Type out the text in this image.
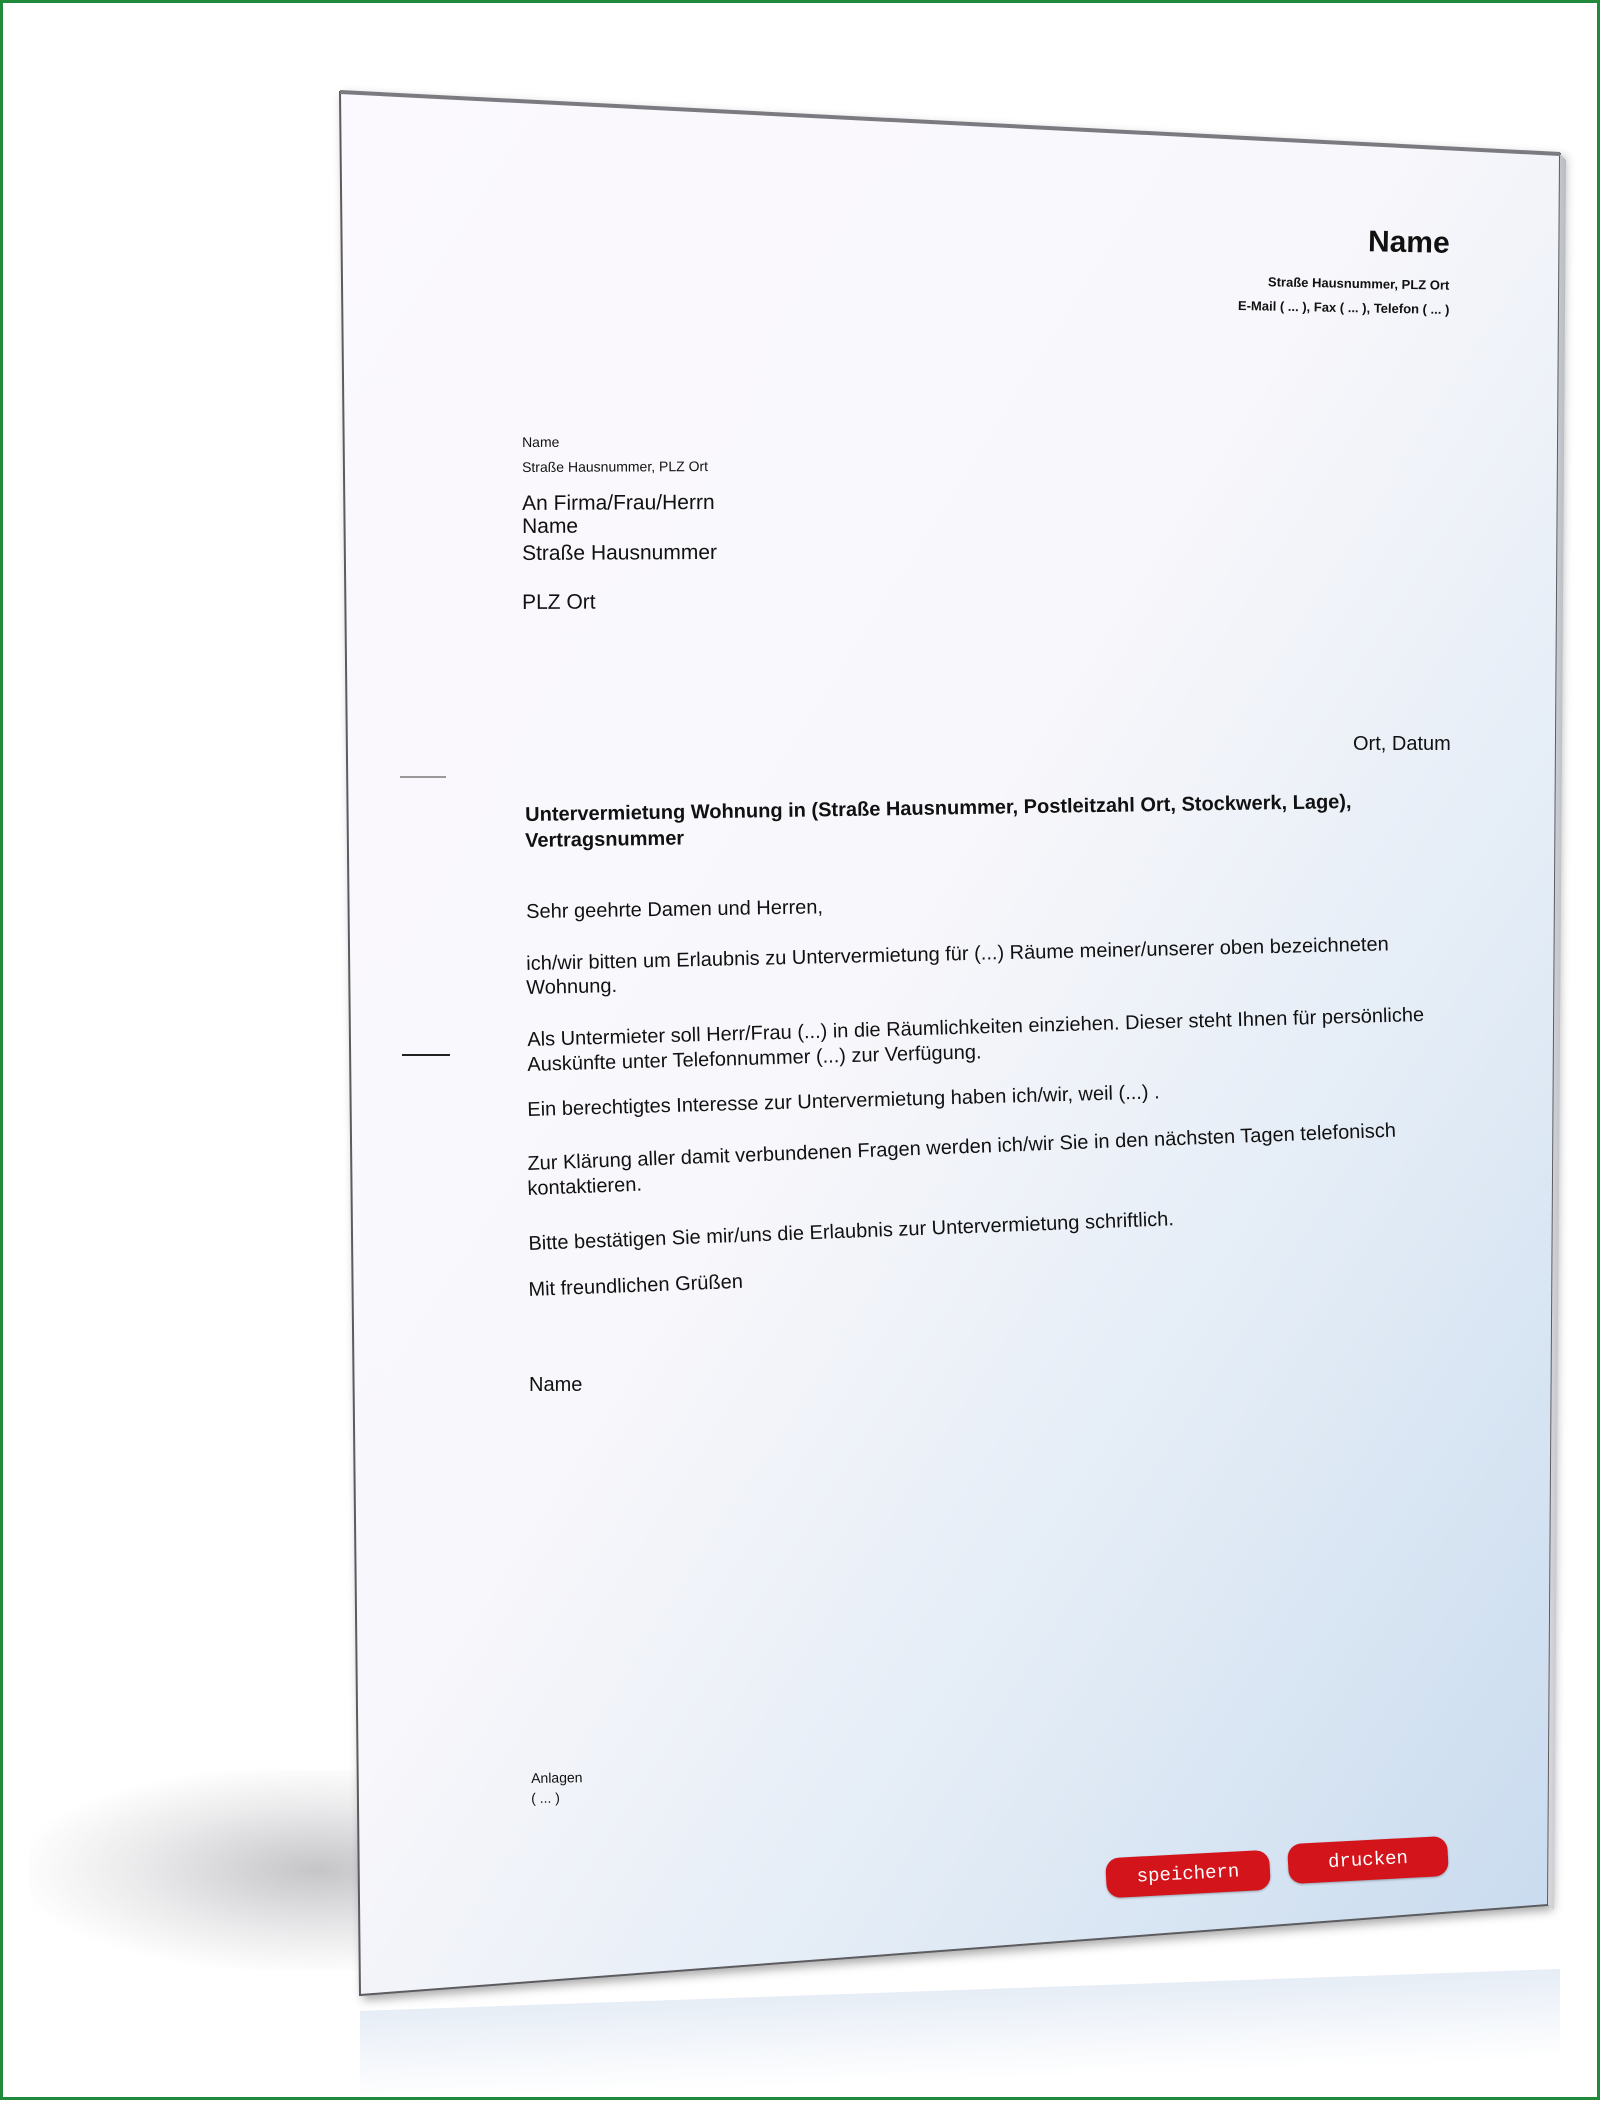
Name
Straße Hausnummer, PLZ Ort
E-Mail ( ... ), Fax ( ... ), Telefon ( ... )
Name
Straße Hausnummer, PLZ Ort
An Firma/Frau/Herrn
Name
Straße Hausnummer
PLZ Ort
Ort, Datum
Untervermietung Wohnung in (Straße Hausnummer, Postleitzahl Ort, Stockwerk, Lage),
Vertragsnummer
Sehr geehrte Damen und Herren,
ich/wir bitten um Erlaubnis zu Untervermietung für (...) Räume meiner/unserer oben bezeichneten
Wohnung.
Als Untermieter soll Herr/Frau (...) in die Räumlichkeiten einziehen. Dieser steht Ihnen für persönliche
Auskünfte unter Telefonnummer (...) zur Verfügung.
Ein berechtigtes Interesse zur Untervermietung haben ich/wir, weil (...) .
Zur Klärung aller damit verbundenen Fragen werden ich/wir Sie in den nächsten Tagen telefonisch
kontaktieren.
Bitte bestätigen Sie mir/uns die Erlaubnis zur Untervermietung schriftlich.
Mit freundlichen Grüßen
Name
Anlagen
( ... )
speichern
drucken
